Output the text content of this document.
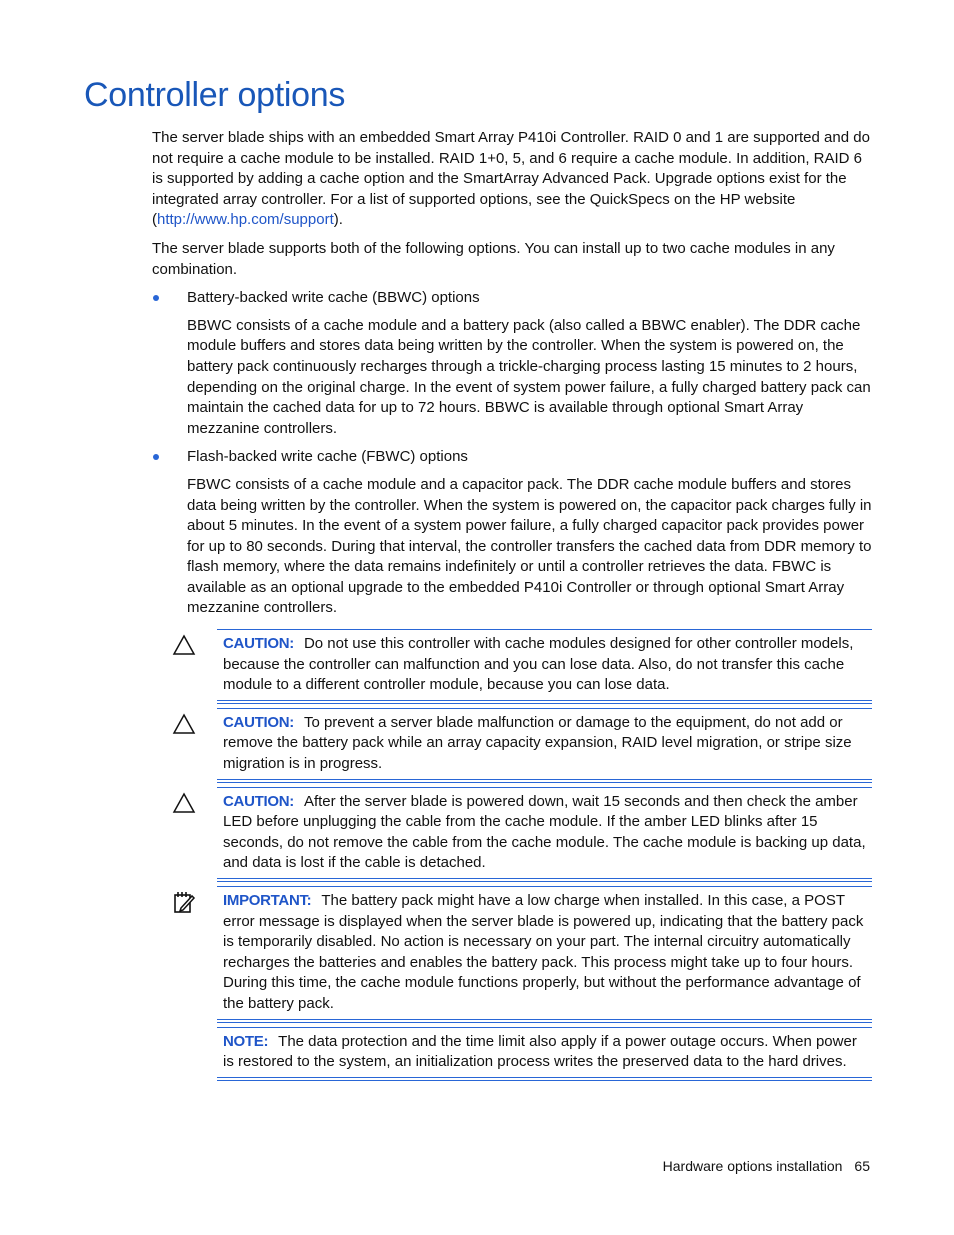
Controller options

The server blade ships with an embedded Smart Array P410i Controller. RAID 0 and 1 are supported and do not require a cache module to be installed. RAID 1+0, 5, and 6 require a cache module. In addition, RAID 6 is supported by adding a cache option and the SmartArray Advanced Pack. Upgrade options exist for the integrated array controller. For a list of supported options, see the QuickSpecs on the HP website (http://www.hp.com/support).

The server blade supports both of the following options. You can install up to two cache modules in any combination.

Battery-backed write cache (BBWC) options

BBWC consists of a cache module and a battery pack (also called a BBWC enabler). The DDR cache module buffers and stores data being written by the controller. When the system is powered on, the battery pack continuously recharges through a trickle-charging process lasting 15 minutes to 2 hours, depending on the original charge. In the event of system power failure, a fully charged battery pack can maintain the cached data for up to 72 hours. BBWC is available through optional Smart Array mezzanine controllers.

Flash-backed write cache (FBWC) options

FBWC consists of a cache module and a capacitor pack. The DDR cache module buffers and stores data being written by the controller. When the system is powered on, the capacitor pack charges fully in about 5 minutes. In the event of a system power failure, a fully charged capacitor pack provides power for up to 80 seconds. During that interval, the controller transfers the cached data from DDR memory to flash memory, where the data remains indefinitely or until a controller retrieves the data. FBWC is available as an optional upgrade to the embedded P410i Controller or through optional Smart Array mezzanine controllers.

CAUTION: Do not use this controller with cache modules designed for other controller models, because the controller can malfunction and you can lose data. Also, do not transfer this cache module to a different controller module, because you can lose data.

CAUTION: To prevent a server blade malfunction or damage to the equipment, do not add or remove the battery pack while an array capacity expansion, RAID level migration, or stripe size migration is in progress.

CAUTION: After the server blade is powered down, wait 15 seconds and then check the amber LED before unplugging the cable from the cache module. If the amber LED blinks after 15 seconds, do not remove the cable from the cache module. The cache module is backing up data, and data is lost if the cable is detached.

IMPORTANT: The battery pack might have a low charge when installed. In this case, a POST error message is displayed when the server blade is powered up, indicating that the battery pack is temporarily disabled. No action is necessary on your part. The internal circuitry automatically recharges the batteries and enables the battery pack. This process might take up to four hours. During this time, the cache module functions properly, but without the performance advantage of the battery pack.

NOTE: The data protection and the time limit also apply if a power outage occurs. When power is restored to the system, an initialization process writes the preserved data to the hard drives.

Hardware options installation 65
